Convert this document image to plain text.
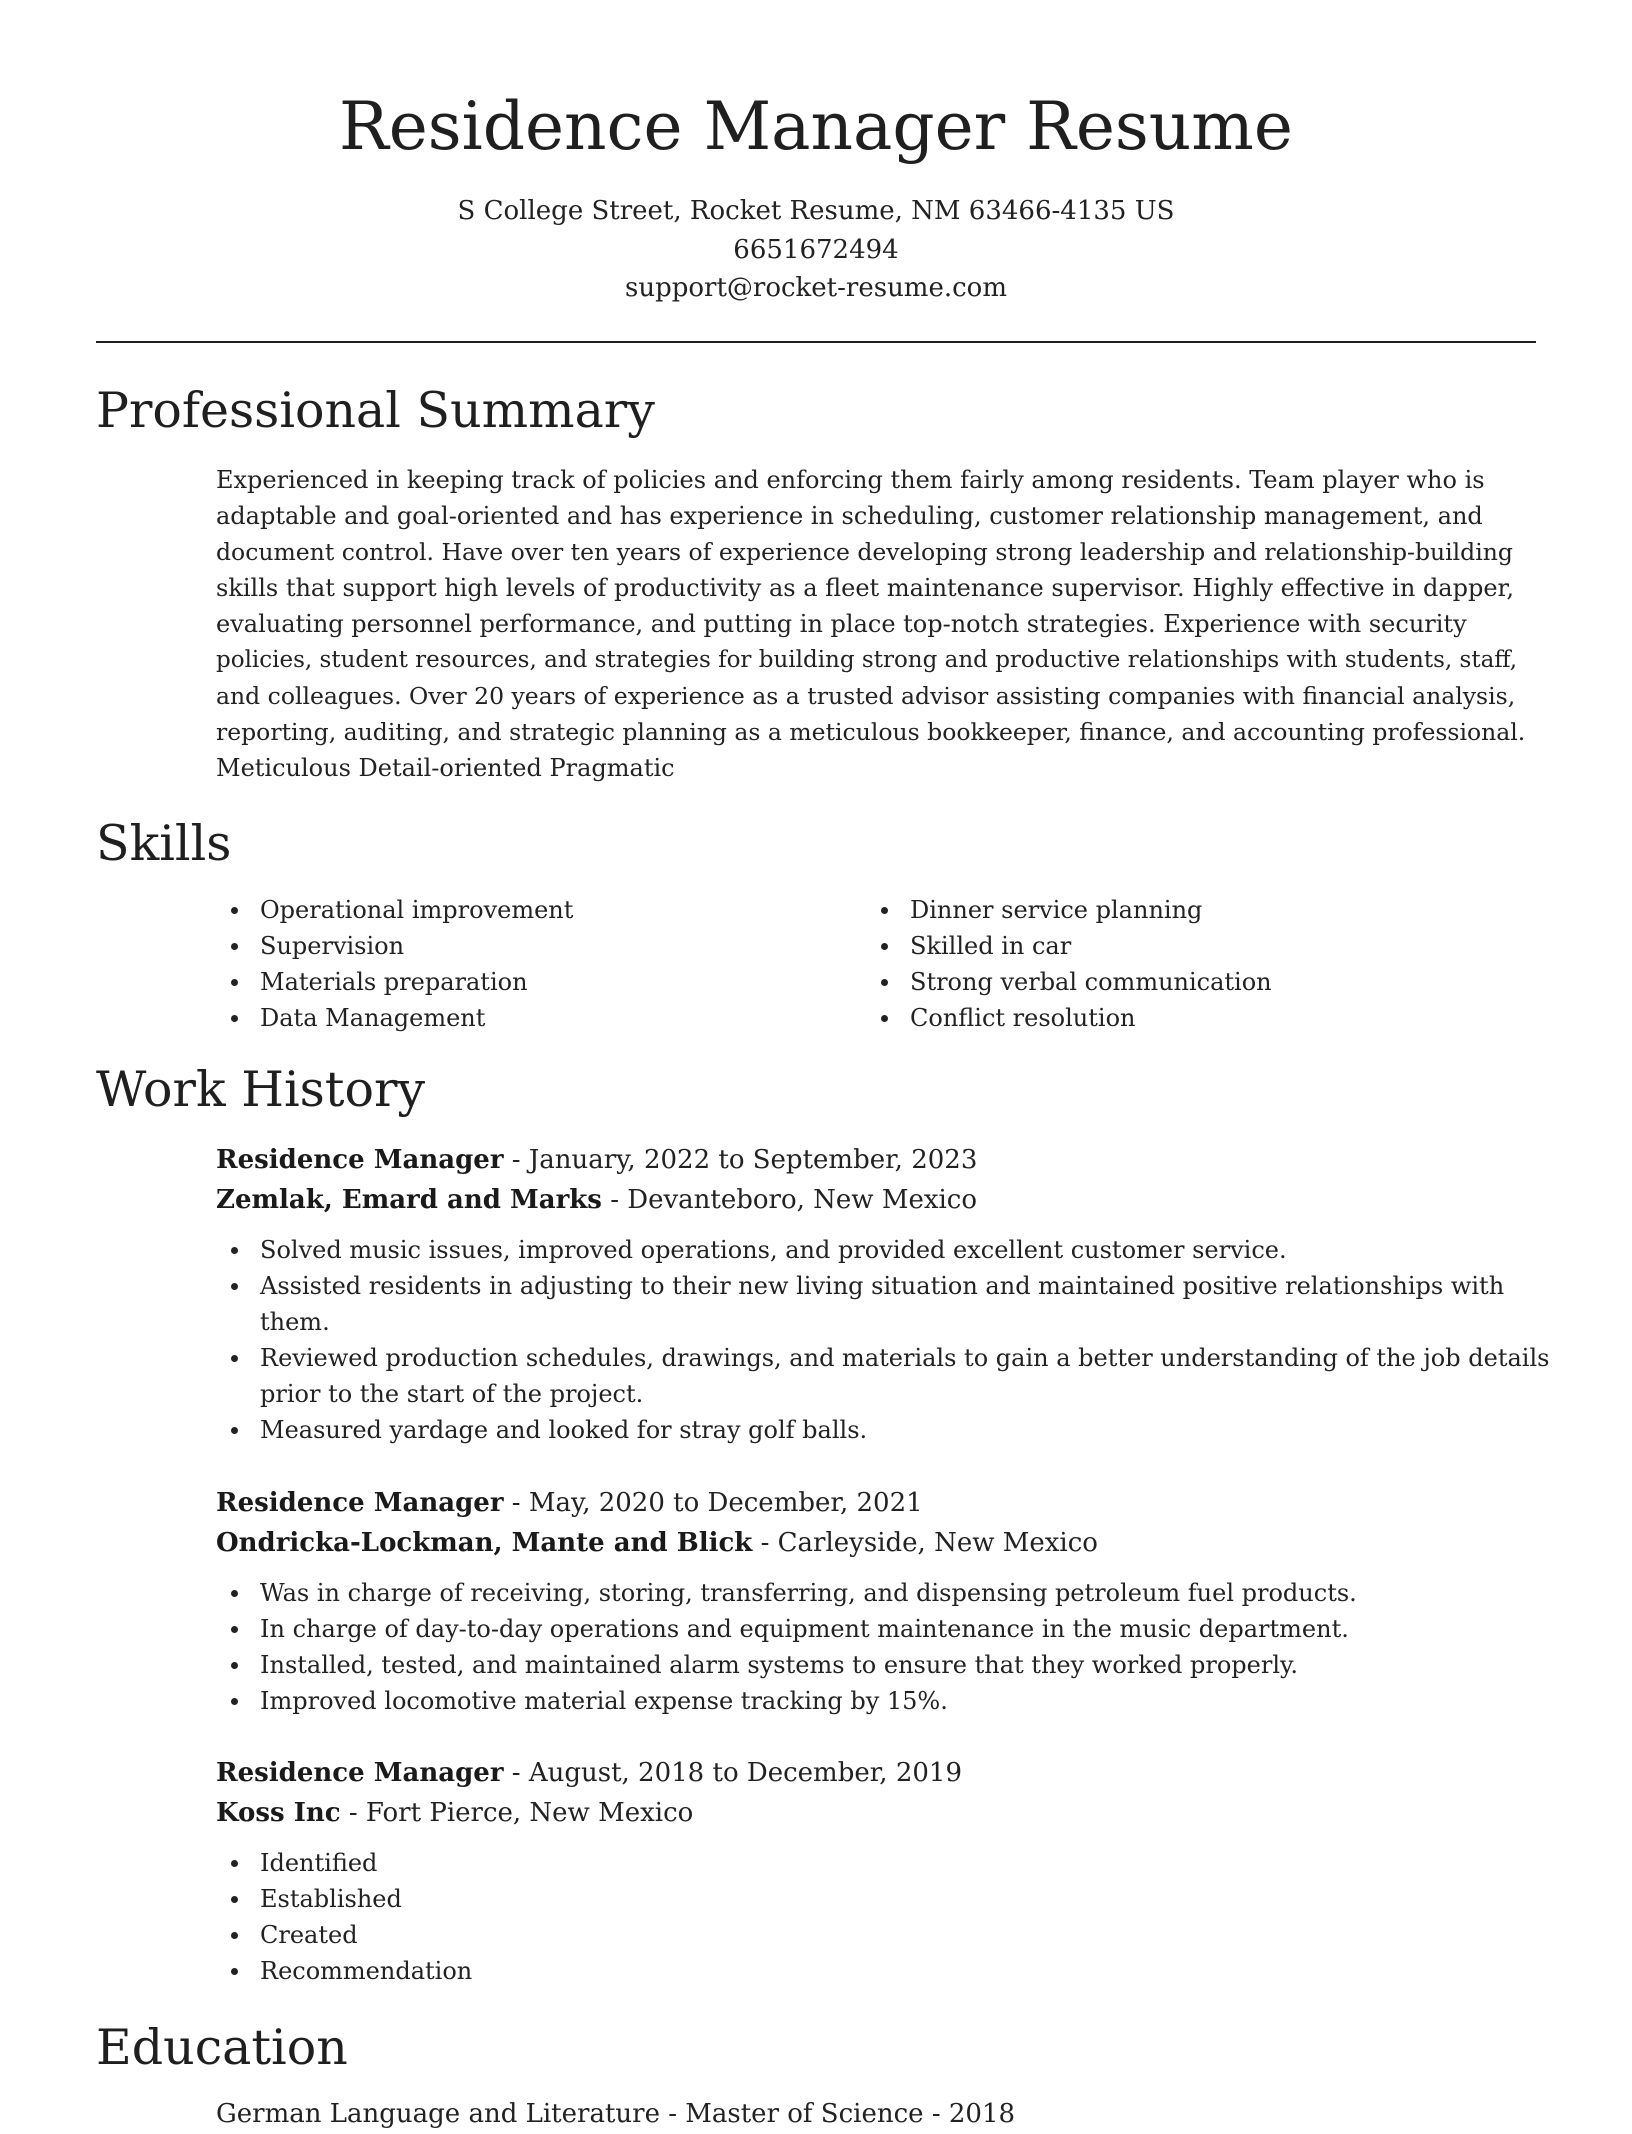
Residence Manager Resume
S College Street, Rocket Resume, NM 63466-4135 US
6651672494
support@rocket-resume.com
Professional Summary

Experienced in keeping track of policies and enforcing them fairly among residents. Team player who is
adaptable and goal-oriented and has experience in scheduling, customer relationship management, and
document control. Have over ten years of experience developing strong leadership and relationship-building
skills that support high levels of productivity as a fleet maintenance supervisor. Highly effective in dapper,
evaluating personnel performance, and putting in place top-notch strategies. Experience with security
policies, student resources, and strategies for building strong and productive relationships with students, staff,
and colleagues. Over 20 years of experience as a trusted advisor assisting companies with financial analysis,
reporting, auditing, and strategic planning as a meticulous bookkeeper, finance, and accounting professional.
Meticulous Detail-oriented Pragmatic

Skills
Operational improvement
Supervision
Materials preparation
Data Management
Dinner service planning
Skilled in car
Strong verbal communication
Conflict resolution
Work History
Residence Manager - January, 2022 to September, 2023
Zemlak, Emard and Marks - Devanteboro, New Mexico
Solved music issues, improved operations, and provided excellent customer service.
Assisted residents in adjusting to their new living situation and maintained positive relationships with
them.
Reviewed production schedules, drawings, and materials to gain a better understanding of the job details
prior to the start of the project.
Measured yardage and looked for stray golf balls.
Residence Manager - May, 2020 to December, 2021
Ondricka-Lockman, Mante and Blick - Carleyside, New Mexico
Was in charge of receiving, storing, transferring, and dispensing petroleum fuel products.
In charge of day-to-day operations and equipment maintenance in the music department.
Installed, tested, and maintained alarm systems to ensure that they worked properly.
Improved locomotive material expense tracking by 15%.
Residence Manager - August, 2018 to December, 2019
Koss Inc - Fort Pierce, New Mexico
Identified
Established
Created
Recommendation
Education
German Language and Literature - Master of Science - 2018
